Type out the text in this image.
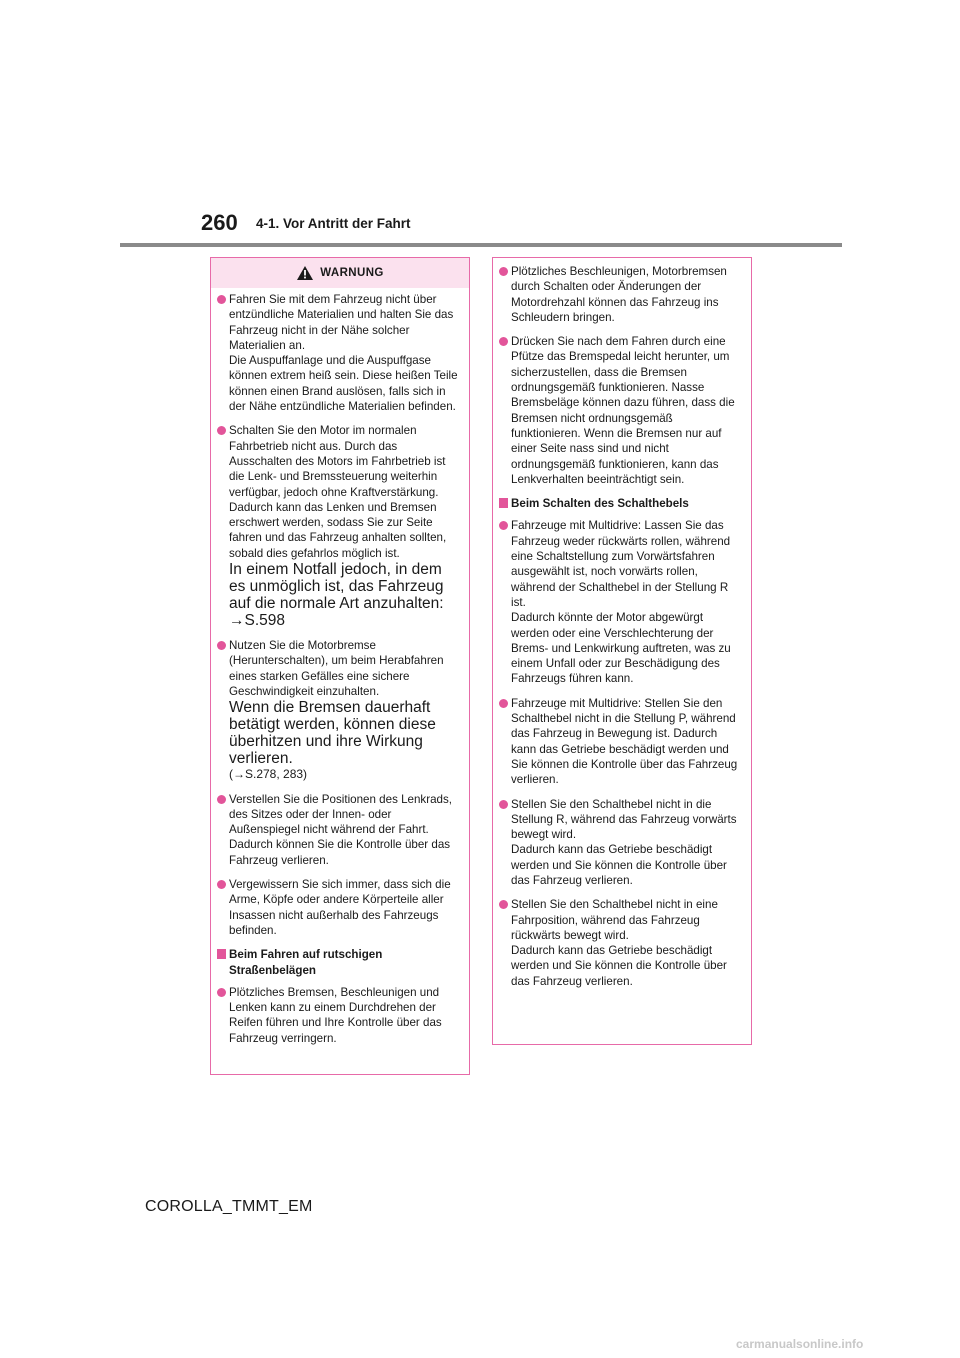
260 4-1. Vor Antritt der Fahrt
WARNUNG
Fahren Sie mit dem Fahrzeug nicht über entzündliche Materialien und halten Sie das Fahrzeug nicht in der Nähe solcher Materialien an.
Die Auspuffanlage und die Auspuffgase können extrem heiß sein. Diese heißen Teile können einen Brand auslösen, falls sich in der Nähe entzündliche Materialien befinden.
Schalten Sie den Motor im normalen Fahrbetrieb nicht aus. Durch das Ausschalten des Motors im Fahrbetrieb ist die Lenk- und Bremssteuerung weiterhin verfügbar, jedoch ohne Kraftverstärkung. Dadurch kann das Lenken und Bremsen erschwert werden, sodass Sie zur Seite fahren und das Fahrzeug anhalten sollten, sobald dies gefahrlos möglich ist.
In einem Notfall jedoch, in dem es unmöglich ist, das Fahrzeug auf die normale Art anzuhalten: →S.598
Nutzen Sie die Motorbremse (Herunterschalten), um beim Herabfahren eines starken Gefälles eine sichere Geschwindigkeit einzuhalten.
Wenn die Bremsen dauerhaft betätigt werden, können diese überhitzen und ihre Wirkung verlieren.
(→S.278, 283)
Verstellen Sie die Positionen des Lenkrads, des Sitzes oder der Innen- oder Außenspiegel nicht während der Fahrt. Dadurch können Sie die Kontrolle über das Fahrzeug verlieren.
Vergewissern Sie sich immer, dass sich die Arme, Köpfe oder andere Körperteile aller Insassen nicht außerhalb des Fahrzeugs befinden.
Beim Fahren auf rutschigen Straßenbelägen
Plötzliches Bremsen, Beschleunigen und Lenken kann zu einem Durchdrehen der Reifen führen und Ihre Kontrolle über das Fahrzeug verringern.
Plötzliches Beschleunigen, Motorbremsen durch Schalten oder Änderungen der Motordrehzahl können das Fahrzeug ins Schleudern bringen.
Drücken Sie nach dem Fahren durch eine Pfütze das Bremspedal leicht herunter, um sicherzustellen, dass die Bremsen ordnungsgemäß funktionieren. Nasse Bremsbeläge können dazu führen, dass die Bremsen nicht ordnungsgemäß funktionieren. Wenn die Bremsen nur auf einer Seite nass sind und nicht ordnungsgemäß funktionieren, kann das Lenkverhalten beeinträchtigt sein.
Beim Schalten des Schalthebels
Fahrzeuge mit Multidrive: Lassen Sie das Fahrzeug weder rückwärts rollen, während eine Schaltstellung zum Vorwärtsfahren ausgewählt ist, noch vorwärts rollen, während der Schalthebel in der Stellung R ist.
Dadurch könnte der Motor abgewürgt werden oder eine Verschlechterung der Brems- und Lenkwirkung auftreten, was zu einem Unfall oder zur Beschädigung des Fahrzeugs führen kann.
Fahrzeuge mit Multidrive: Stellen Sie den Schalthebel nicht in die Stellung P, während das Fahrzeug in Bewegung ist. Dadurch kann das Getriebe beschädigt werden und Sie können die Kontrolle über das Fahrzeug verlieren.
Stellen Sie den Schalthebel nicht in die Stellung R, während das Fahrzeug vorwärts bewegt wird.
Dadurch kann das Getriebe beschädigt werden und Sie können die Kontrolle über das Fahrzeug verlieren.
Stellen Sie den Schalthebel nicht in eine Fahrposition, während das Fahrzeug rückwärts bewegt wird.
Dadurch kann das Getriebe beschädigt werden und Sie können die Kontrolle über das Fahrzeug verlieren.
COROLLA_TMMT_EM
carmanualsonline.info
